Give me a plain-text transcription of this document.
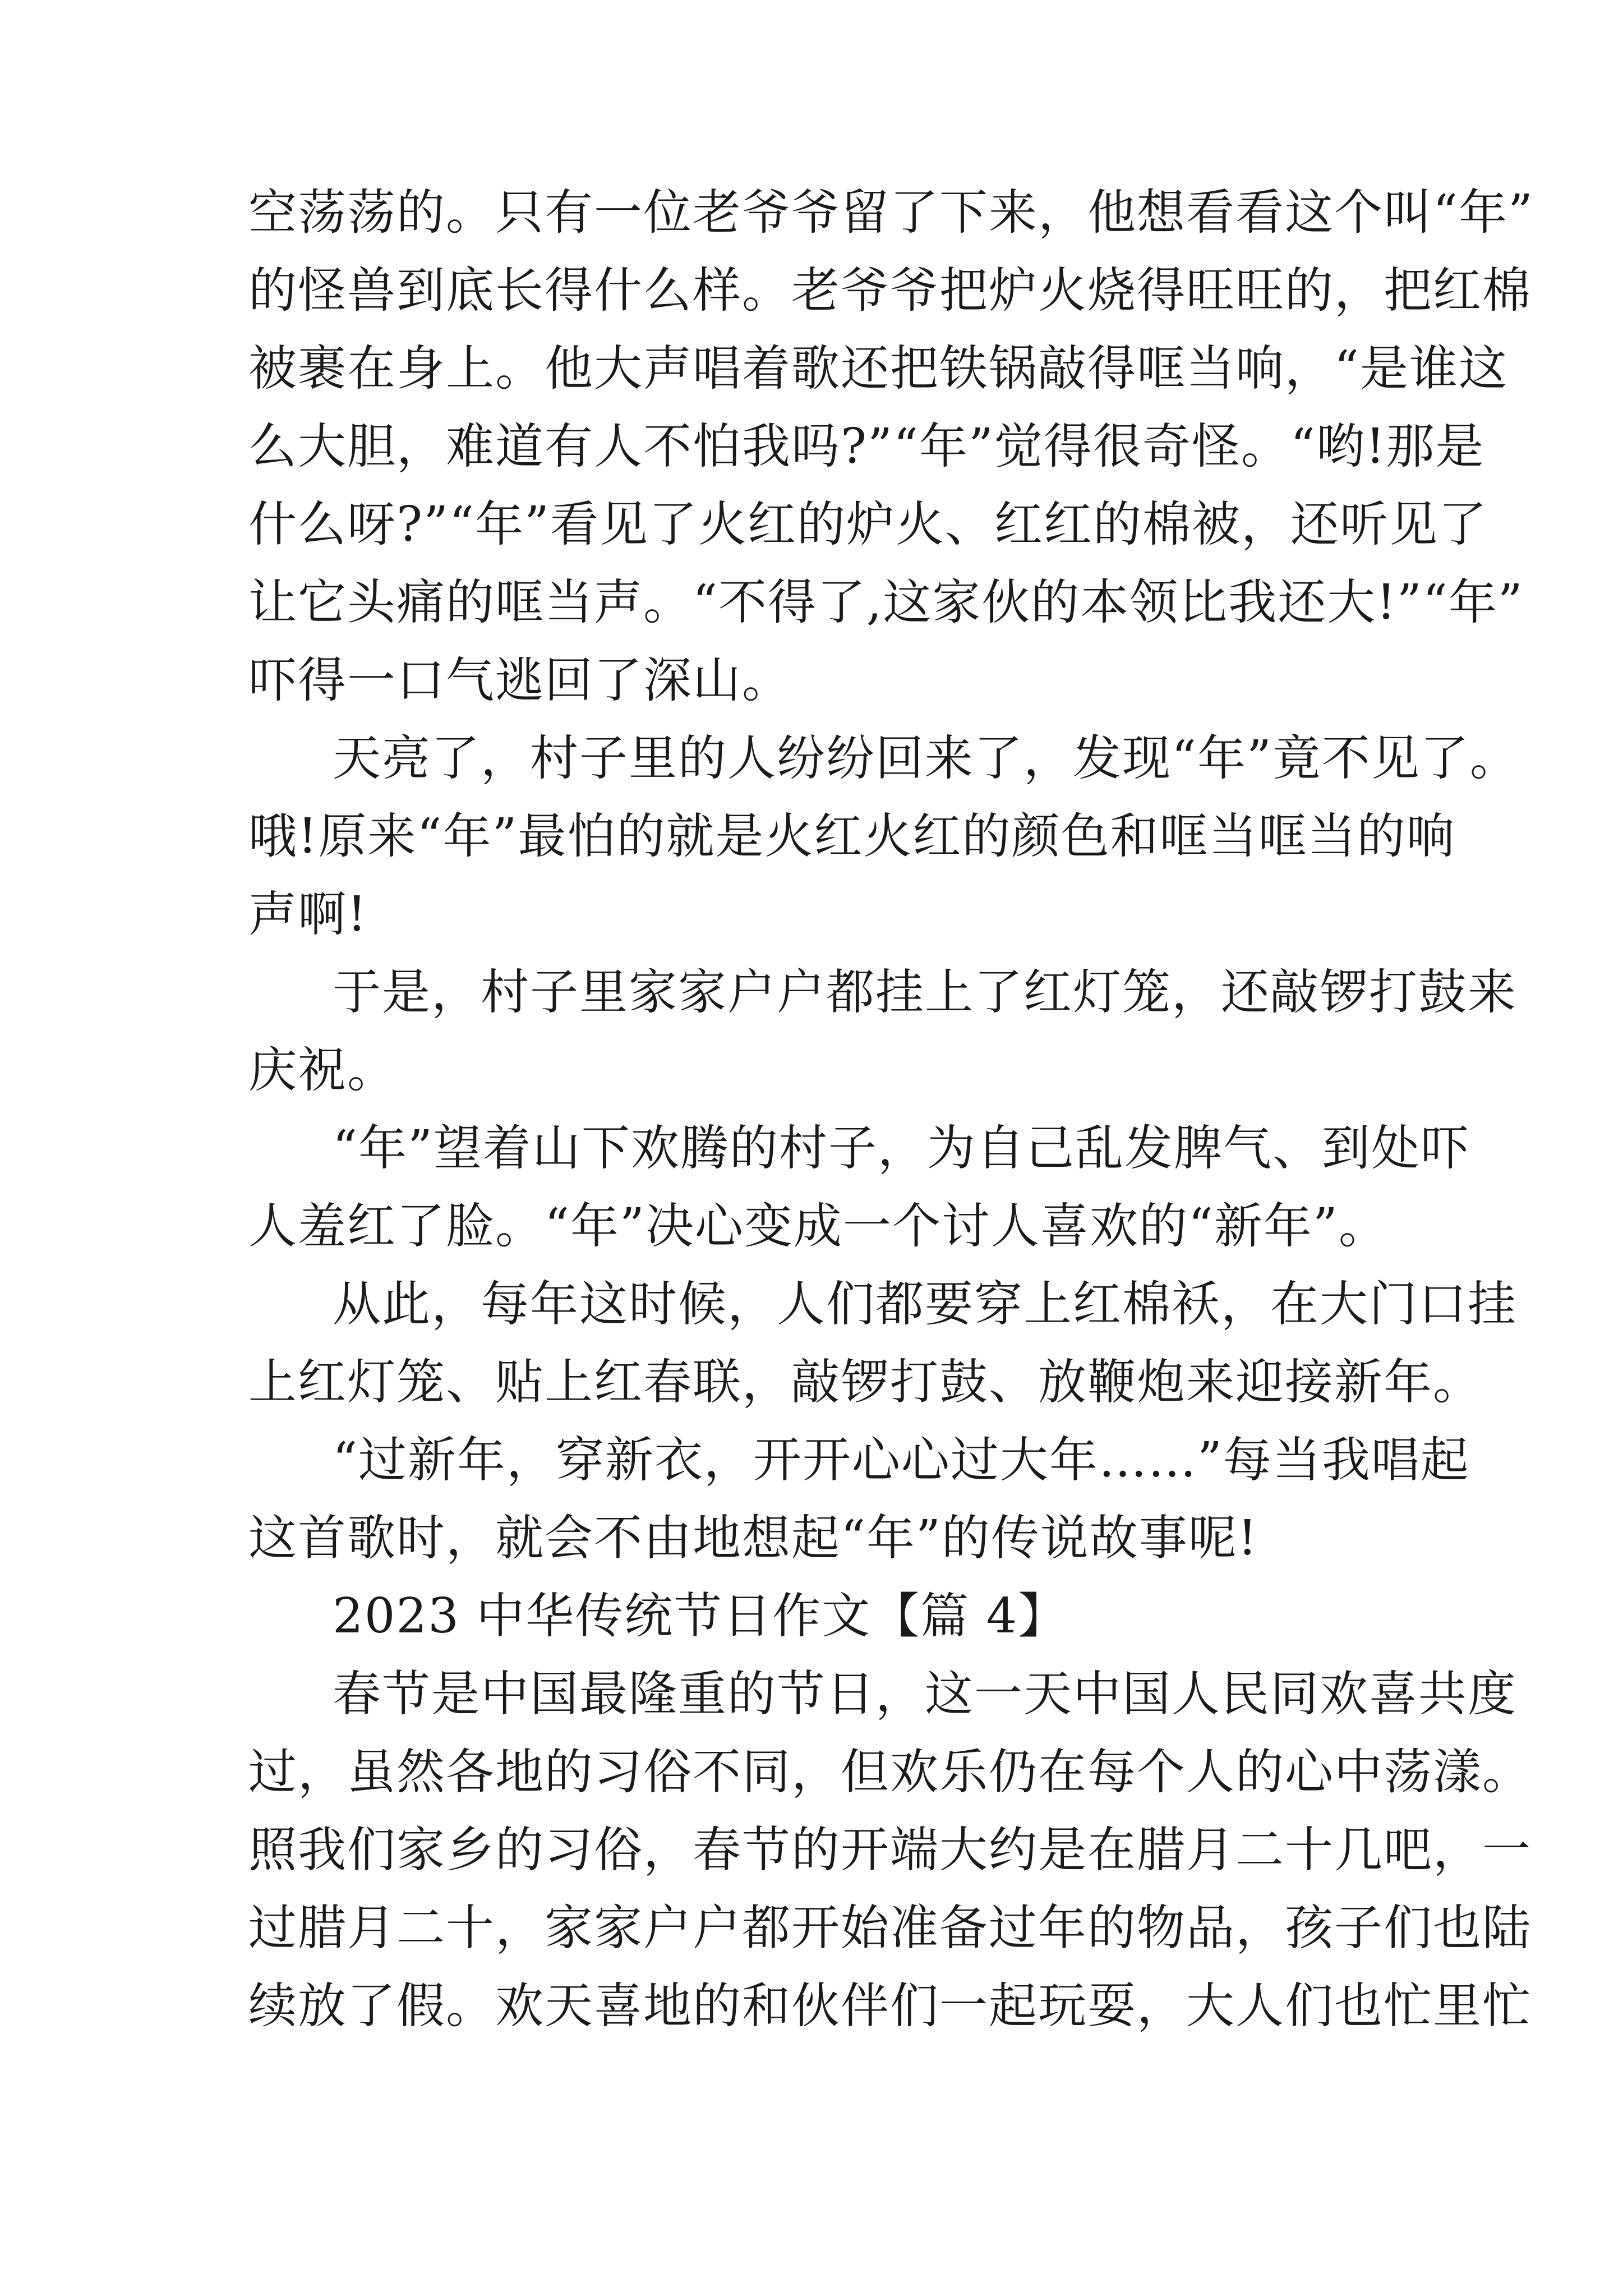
空荡荡的。只有一位老爷爷留了下来，他想看看这个叫“年”
的怪兽到底长得什么样。老爷爷把炉火烧得旺旺的，把红棉
被裹在身上。他大声唱着歌还把铁锅敲得哐当响，“是谁这
么大胆，难道有人不怕我吗?”“年”觉得很奇怪。“哟!那是
什么呀?”“年”看见了火红的炉火、红红的棉被，还听见了
让它头痛的哐当声。“不得了,这家伙的本领比我还大!”“年”
吓得一口气逃回了深山。
天亮了，村子里的人纷纷回来了，发现“年”竟不见了。
哦!原来“年”最怕的就是火红火红的颜色和哐当哐当的响
声啊!
于是，村子里家家户户都挂上了红灯笼，还敲锣打鼓来
庆祝。
“年”望着山下欢腾的村子，为自己乱发脾气、到处吓
人羞红了脸。“年”决心变成一个讨人喜欢的“新年”。
从此，每年这时候，人们都要穿上红棉袄，在大门口挂
上红灯笼、贴上红春联，敲锣打鼓、放鞭炮来迎接新年。
“过新年，穿新衣，开开心心过大年……”每当我唱起
这首歌时，就会不由地想起“年”的传说故事呢!
2023 中华传统节日作文【篇 4】
春节是中国最隆重的节日，这一天中国人民同欢喜共度
过，虽然各地的习俗不同，但欢乐仍在每个人的心中荡漾。
照我们家乡的习俗，春节的开端大约是在腊月二十几吧，一
过腊月二十，家家户户都开始准备过年的物品，孩子们也陆
续放了假。欢天喜地的和伙伴们一起玩耍，大人们也忙里忙
